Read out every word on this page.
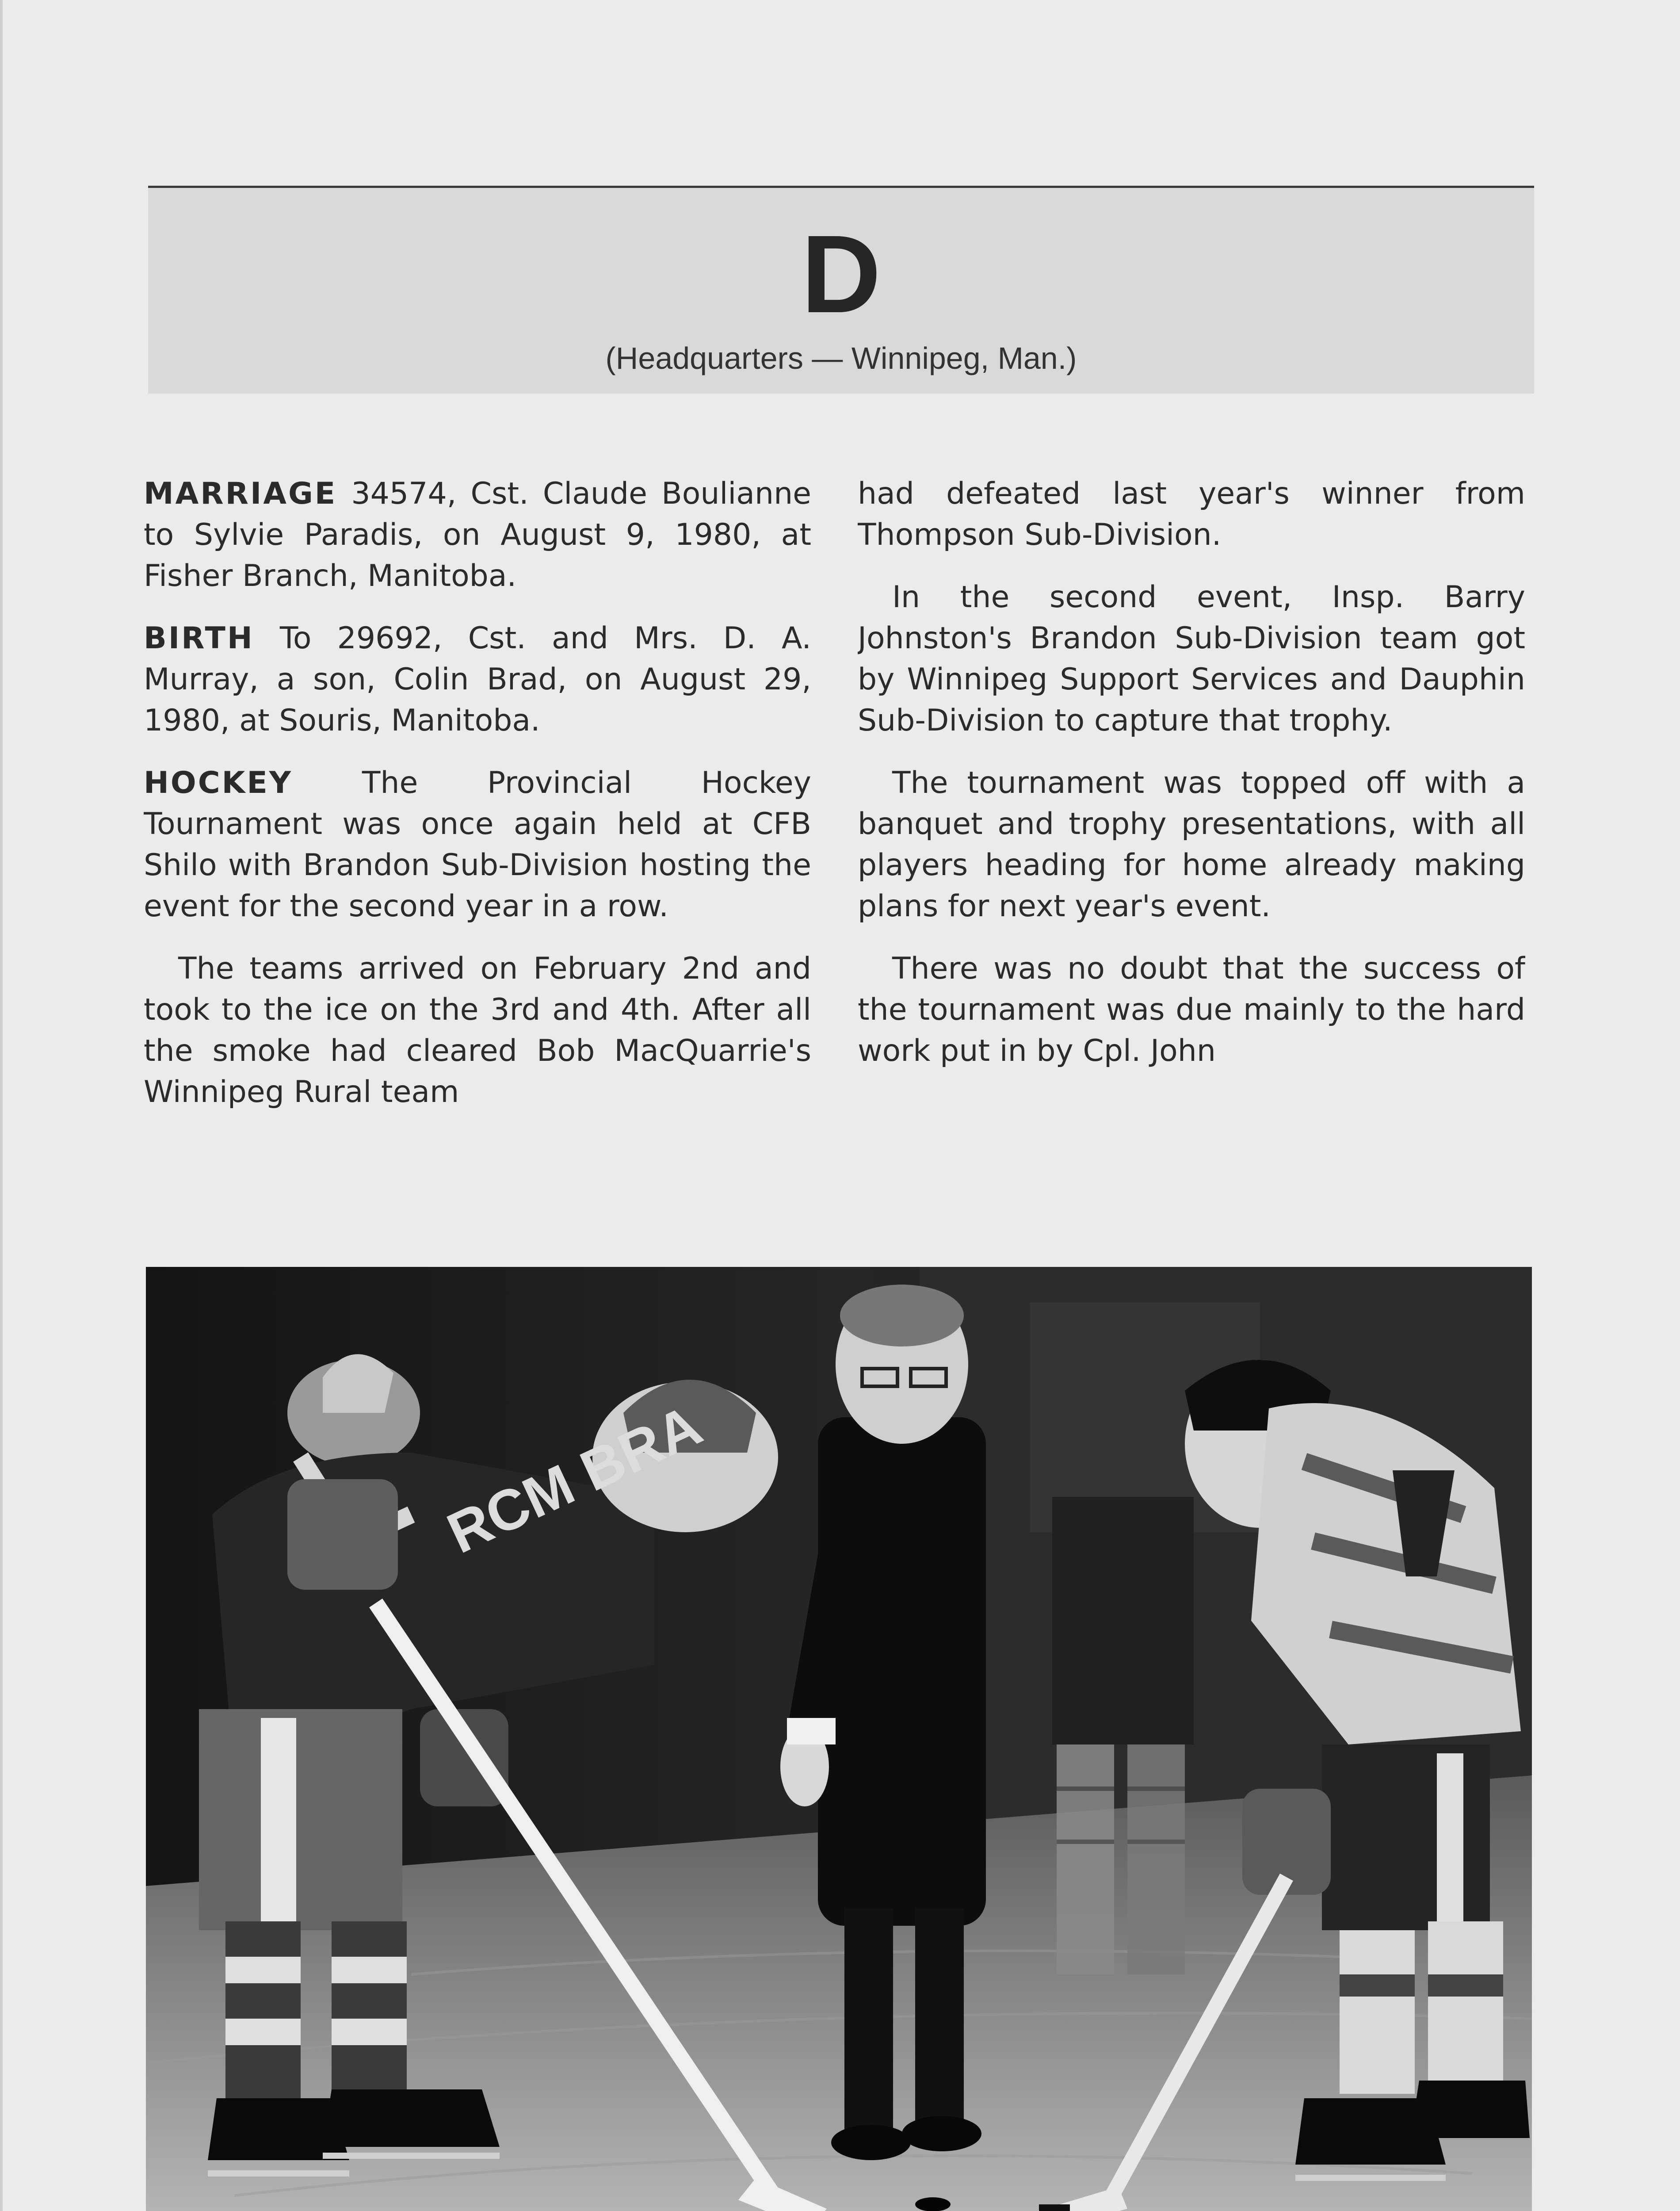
D
(Headquarters — Winnipeg, Man.)

MARRIAGE 34574, Cst. Claude Boulianne to Sylvie Paradis, on August 9, 1980, at Fisher Branch, Manitoba.

BIRTH To 29692, Cst. and Mrs. D. A. Murray, a son, Colin Brad, on August 29, 1980, at Souris, Manitoba.

HOCKEY The Provincial Hockey Tournament was once again held at CFB Shilo with Brandon Sub-Division hosting the event for the second year in a row.

The teams arrived on February 2nd and took to the ice on the 3rd and 4th. After all the smoke had cleared Bob MacQuarrie's Winnipeg Rural team

had defeated last year's winner from Thompson Sub-Division.

In the second event, Insp. Barry Johnston's Brandon Sub-Division team got by Winnipeg Support Services and Dauphin Sub-Division to capture that trophy.

The tournament was topped off with a banquet and trophy presentations, with all players heading for home already making plans for next year's event.

There was no doubt that the success of the tournament was due mainly to the hard work put in by Cpl. John

RCM BRA
